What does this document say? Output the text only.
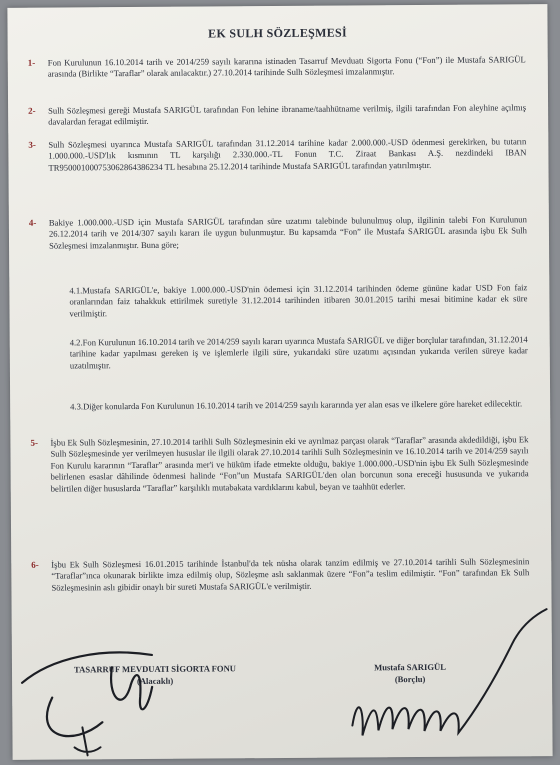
EK SULH SÖZLEŞMESİ
1- Fon Kurulunun 16.10.2014 tarih ve 2014/259 sayılı kararına istinaden Tasarruf Mevduatı Sigorta Fonu (“Fon”) ile Mustafa SARIGÜL arasında (Birlikte “Taraflar” olarak anılacaktır.) 27.10.2014 tarihinde Sulh Sözleşmesi imzalanmıştır.
2- Sulh Sözleşmesi gereği Mustafa SARIGÜL tarafından Fon lehine ibraname/taahhütname verilmiş, ilgili tarafından Fon aleyhine açılmış davalardan feragat edilmiştir.
3- Sulh Sözleşmesi uyarınca Mustafa SARIGÜL tarafından 31.12.2014 tarihine kadar 2.000.000.-USD ödenmesi gerekirken, bu tutarın 1.000.000.-USD'lık kısmının TL karşılığı 2.330.000.-TL Fonun T.C. Ziraat Bankası A.Ş. nezdindeki IBAN TR950001000753062864386234 TL hesabına 25.12.2014 tarihinde Mustafa SARIGÜL tarafından yatırılmıştır.
4- Bakiye 1.000.000.-USD için Mustafa SARIGÜL tarafından süre uzatımı talebinde bulunulmuş olup, ilgilinin talebi Fon Kurulunun 26.12.2014 tarih ve 2014/307 sayılı kararı ile uygun bulunmuştur. Bu kapsamda “Fon” ile Mustafa SARIGÜL arasında işbu Ek Sulh Sözleşmesi imzalanmıştır. Buna göre;
4.1.Mustafa SARIGÜL'e, bakiye 1.000.000.-USD'nin ödemesi için 31.12.2014 tarihinden ödeme gününe kadar USD Fon faiz oranlarından faiz tahakkuk ettirilmek suretiyle 31.12.2014 tarihinden itibaren 30.01.2015 tarihi mesai bitimine kadar ek süre verilmiştir.
4.2.Fon Kurulunun 16.10.2014 tarih ve 2014/259 sayılı kararı uyarınca Mustafa SARIGÜL ve diğer borçlular tarafından, 31.12.2014 tarihine kadar yapılması gereken iş ve işlemlerle ilgili süre, yukarıdaki süre uzatımı açısından yukarıda verilen süreye kadar uzatılmıştır.
4.3.Diğer konularda Fon Kurulunun 16.10.2014 tarih ve 2014/259 sayılı kararında yer alan esas ve ilkelere göre hareket edilecektir.
5- İşbu Ek Sulh Sözleşmesinin, 27.10.2014 tarihli Sulh Sözleşmesinin eki ve ayrılmaz parçası olarak “Taraflar” arasında akdedildiği, işbu Ek Sulh Sözleşmesinde yer verilmeyen hususlar ile ilgili olarak 27.10.2014 tarihli Sulh Sözleşmesinin ve 16.10.2014 tarih ve 2014/259 sayılı Fon Kurulu kararının “Taraflar” arasında mer'i ve hüküm ifade etmekte olduğu, bakiye 1.000.000.-USD'nin işbu Ek Sulh Sözleşmesinde belirlenen esaslar dâhilinde ödenmesi halinde “Fon”un Mustafa SARIGÜL'den olan borcunun sona ereceği hususunda ve yukarıda belirtilen diğer hususlarda “Taraflar” karşılıklı mutabakata vardıklarını kabul, beyan ve taahhüt ederler.
6- İşbu Ek Sulh Sözleşmesi 16.01.2015 tarihinde İstanbul'da tek nüsha olarak tanzim edilmiş ve 27.10.2014 tarihli Sulh Sözleşmesinin “Taraflar”ınca okunarak birlikte imza edilmiş olup, Sözleşme aslı saklanmak üzere “Fon”a teslim edilmiştir. “Fon” tarafından Ek Sulh Sözleşmesinin aslı gibidir onaylı bir sureti Mustafa SARIGÜL'e verilmiştir.
TASARRUF MEVDUATI SİGORTA FONU
(Alacaklı)
Mustafa SARIGÜL
(Borçlu)
